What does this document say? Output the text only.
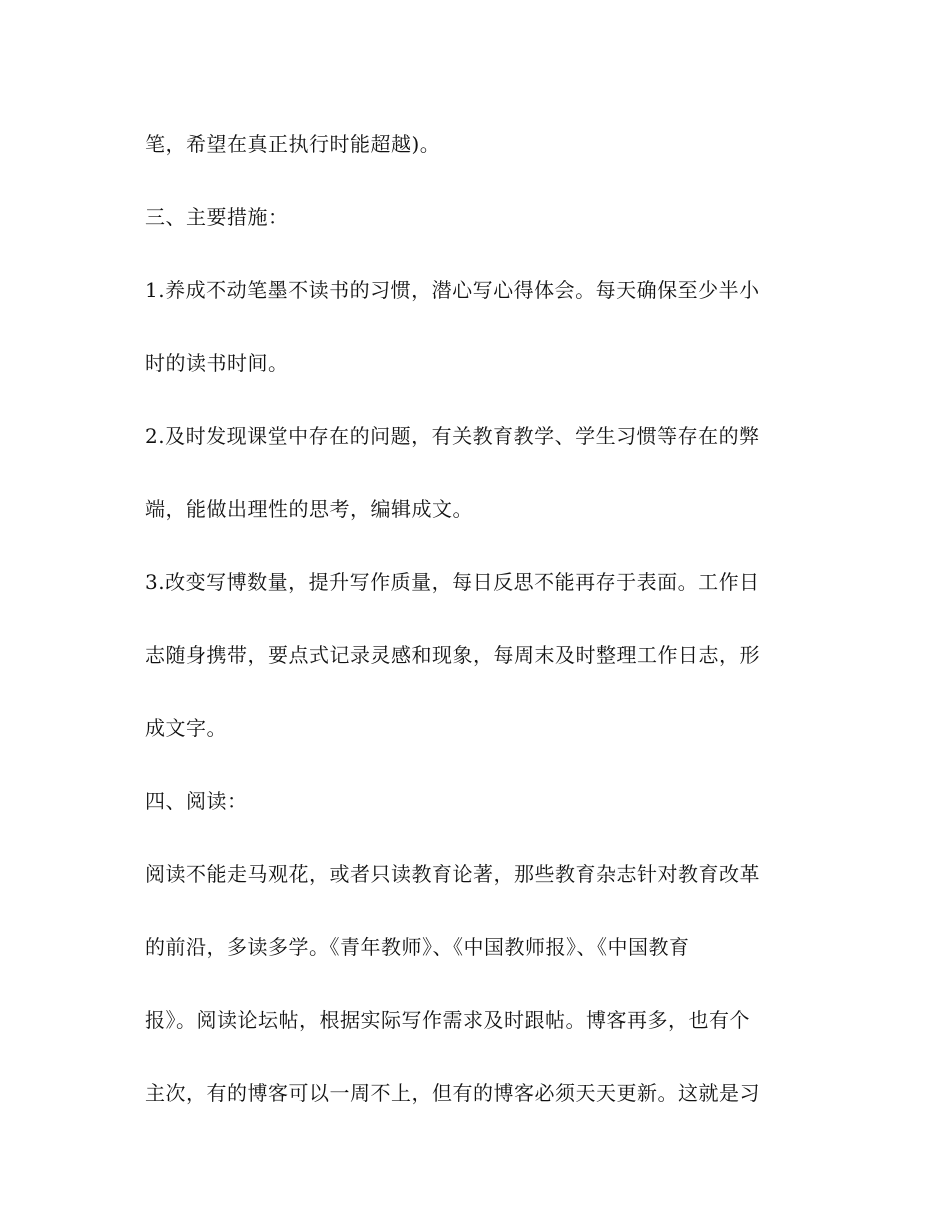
笔，希望在真正执行时能超越)。
三、主要措施：
1.养成不动笔墨不读书的习惯，潜心写心得体会。每天确保至少半小
时的读书时间。
2.及时发现课堂中存在的问题，有关教育教学、学生习惯等存在的弊
端，能做出理性的思考，编辑成文。
3.改变写博数量，提升写作质量，每日反思不能再存于表面。工作日
志随身携带，要点式记录灵感和现象，每周末及时整理工作日志，形
成文字。
四、阅读：
阅读不能走马观花，或者只读教育论著，那些教育杂志针对教育改革
的前沿，多读多学。《青年教师》、《中国教师报》、《中国教育
报》。阅读论坛帖，根据实际写作需求及时跟帖。博客再多，也有个
主次，有的博客可以一周不上，但有的博客必须天天更新。这就是习
